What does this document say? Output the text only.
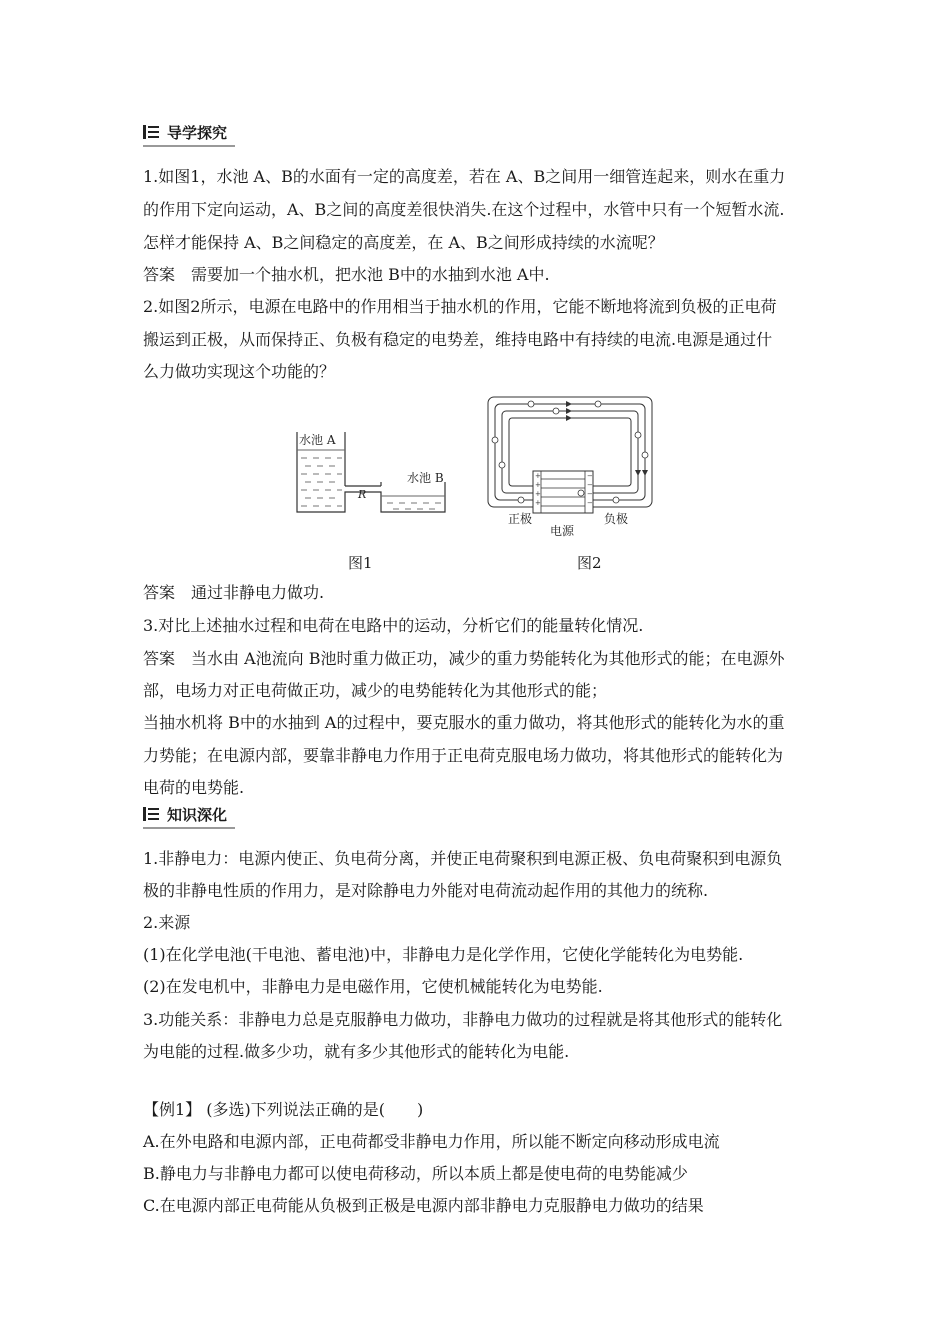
导学探究
1.如图1，水池 A、B的水面有一定的高度差，若在 A、B之间用一细管连起来，则水在重力
的作用下定向运动，A、B之间的高度差很快消失.在这个过程中，水管中只有一个短暂水流.
怎样才能保持 A、B之间稳定的高度差，在 A、B之间形成持续的水流呢？
答案　需要加一个抽水机，把水池 B中的水抽到水池 A中.
2.如图2所示，电源在电路中的作用相当于抽水机的作用，它能不断地将流到负极的正电荷
搬运到正极，从而保持正、负极有稳定的电势差，维持电路中有持续的电流.电源是通过什
么力做功实现这个功能的？
水池 A
水池 B
R
图1
+
+
+
+
−
−
−
−
正极	负极
电源
图2
答案　通过非静电力做功.
3.对比上述抽水过程和电荷在电路中的运动，分析它们的能量转化情况.
答案　当水由 A池流向 B池时重力做正功，减少的重力势能转化为其他形式的能；在电源外
部，电场力对正电荷做正功，减少的电势能转化为其他形式的能；
当抽水机将 B中的水抽到 A的过程中，要克服水的重力做功，将其他形式的能转化为水的重
力势能；在电源内部，要靠非静电力作用于正电荷克服电场力做功，将其他形式的能转化为
电荷的电势能.
知识深化
1.非静电力：电源内使正、负电荷分离，并使正电荷聚积到电源正极、负电荷聚积到电源负
极的非静电性质的作用力，是对除静电力外能对电荷流动起作用的其他力的统称.
2.来源
(1)在化学电池(干电池、蓄电池)中，非静电力是化学作用，它使化学能转化为电势能.
(2)在发电机中，非静电力是电磁作用，它使机械能转化为电势能.
3.功能关系：非静电力总是克服静电力做功，非静电力做功的过程就是将其他形式的能转化
为电能的过程.做多少功，就有多少其他形式的能转化为电能.
【例1】 (多选)下列说法正确的是(　　)
A.在外电路和电源内部，正电荷都受非静电力作用，所以能不断定向移动形成电流
B.静电力与非静电力都可以使电荷移动，所以本质上都是使电荷的电势能减少
C.在电源内部正电荷能从负极到正极是电源内部非静电力克服静电力做功的结果
